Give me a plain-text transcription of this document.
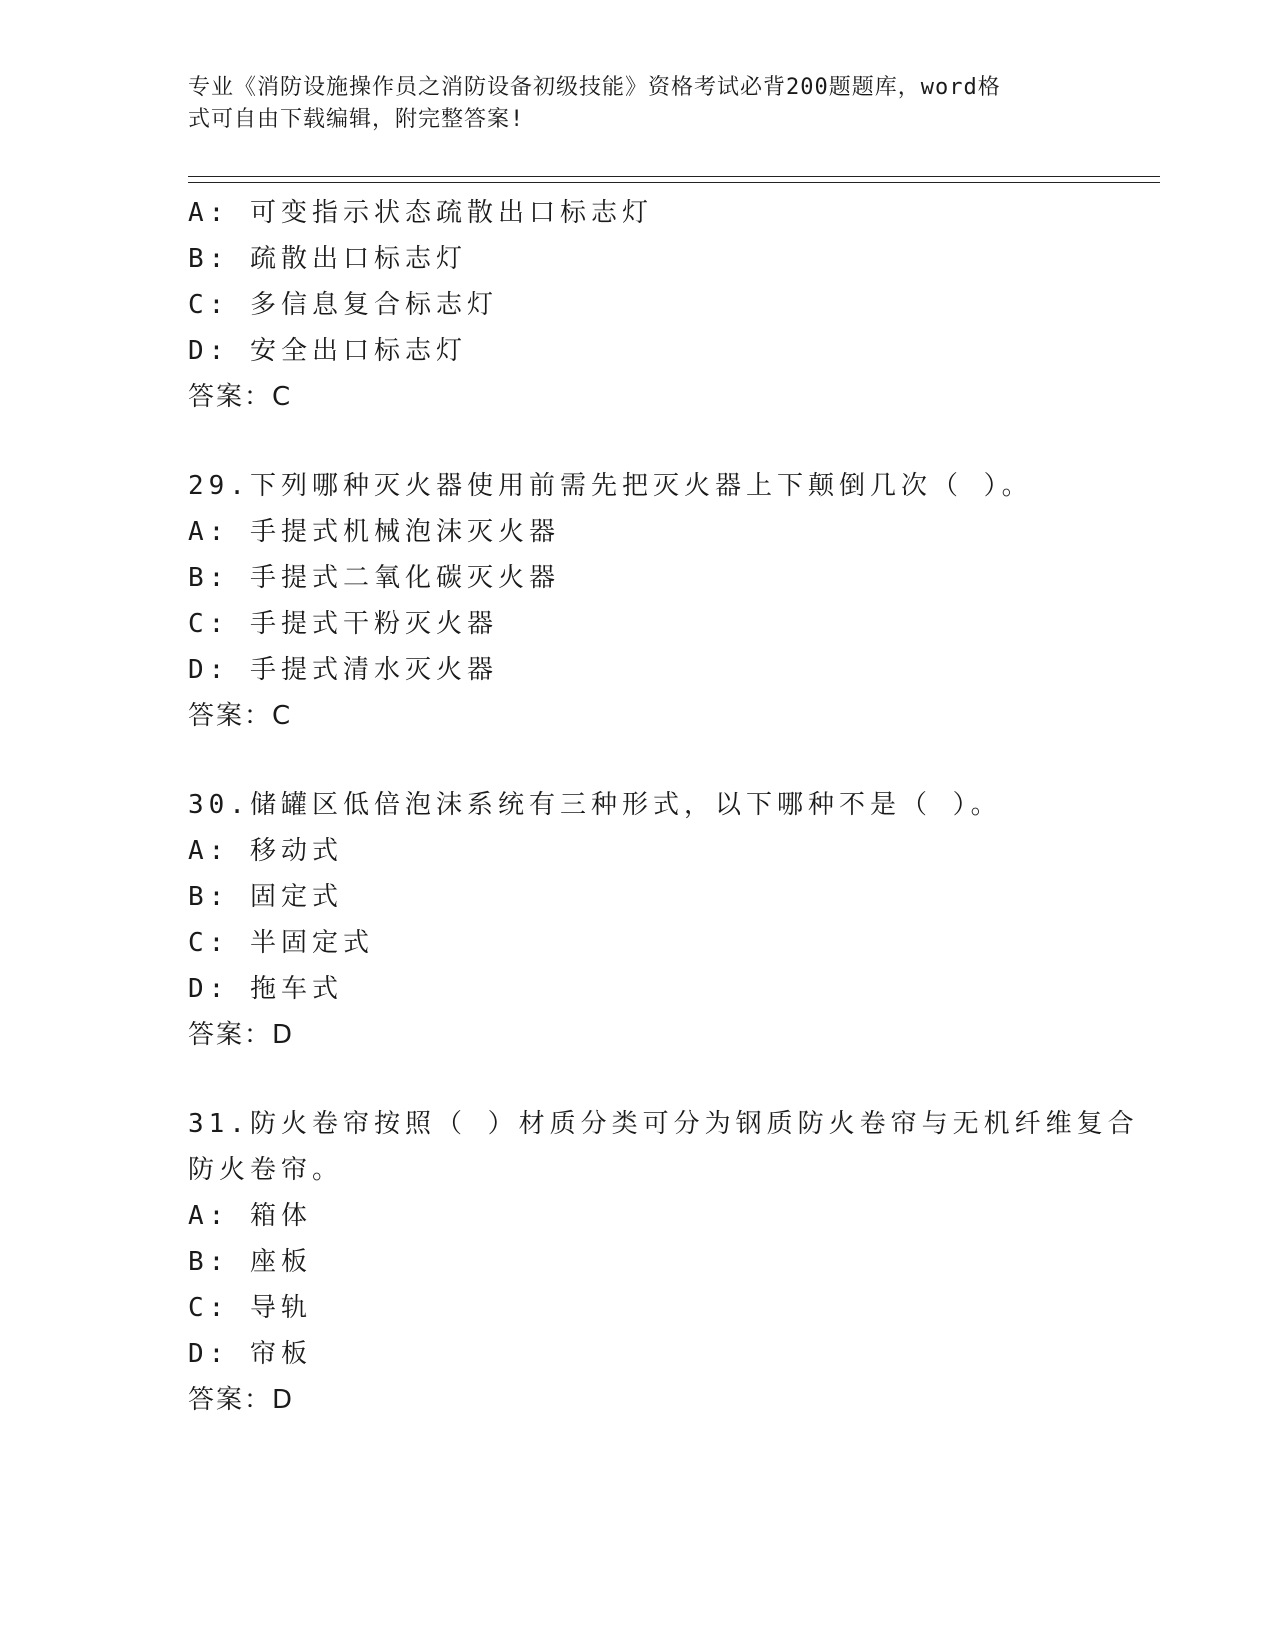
专业《消防设施操作员之消防设备初级技能》资格考试必背200题题库，word格
式可自由下载编辑，附完整答案!
A: 可变指示状态疏散出口标志灯
B: 疏散出口标志灯
C: 多信息复合标志灯
D: 安全出口标志灯
答案：C
29.下列哪种灭火器使用前需先把灭火器上下颠倒几次（ ）。
A: 手提式机械泡沫灭火器
B: 手提式二氧化碳灭火器
C: 手提式干粉灭火器
D: 手提式清水灭火器
答案：C
30.储罐区低倍泡沫系统有三种形式，以下哪种不是（ ）。
A: 移动式
B: 固定式
C: 半固定式
D: 拖车式
答案：D
31.防火卷帘按照（ ）材质分类可分为钢质防火卷帘与无机纤维复合
防火卷帘。
A: 箱体
B: 座板
C: 导轨
D: 帘板
答案：D
